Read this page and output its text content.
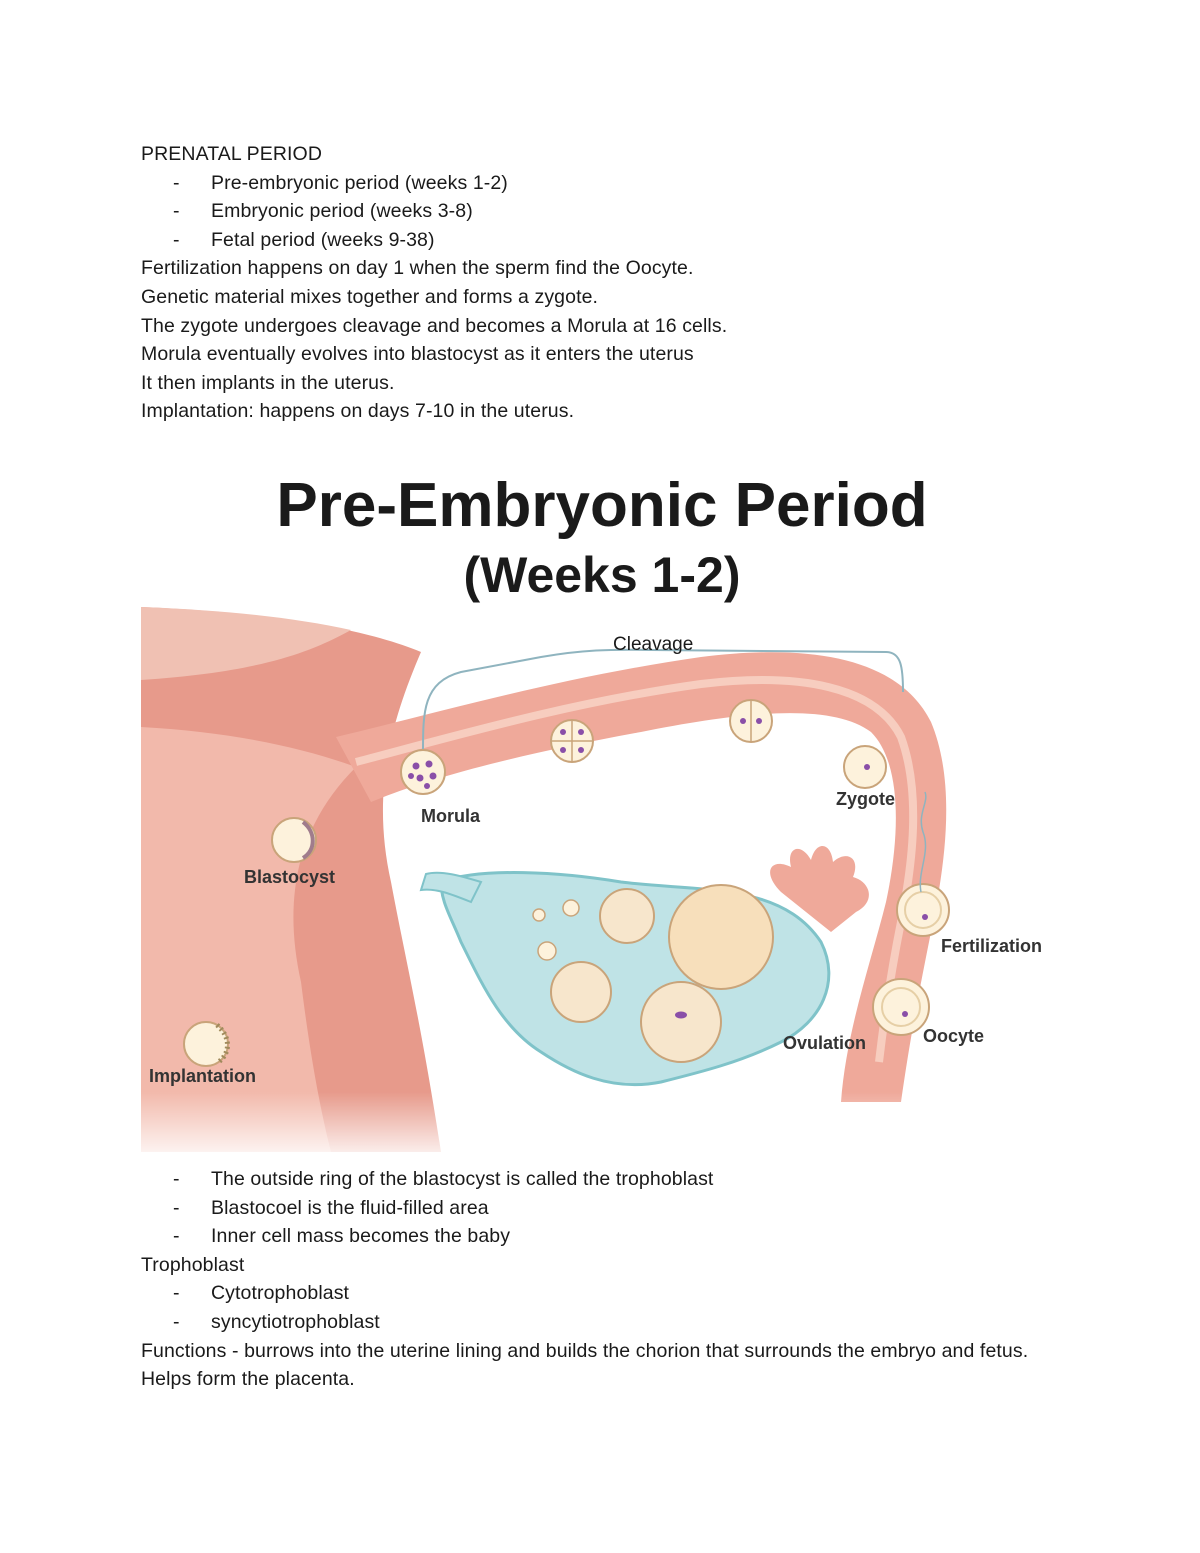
PRENATAL PERIOD
- Pre-embryonic period (weeks 1-2)
- Embryonic period (weeks 3-8)
- Fetal period (weeks 9-38)
Fertilization happens on day 1 when the sperm find the Oocyte.
Genetic material mixes together and forms a zygote.
The zygote undergoes cleavage and becomes a Morula at 16 cells.
Morula eventually evolves into blastocyst as it enters the uterus
It then implants in the uterus.
Implantation: happens on days 7-10 in the uterus.
Pre-Embryonic Period
(Weeks 1-2)
Cleavage
Morula
Zygote
Blastocyst
Fertilization
Oocyte
Ovulation
Implantation
- The outside ring of the blastocyst is called the trophoblast
- Blastocoel is the fluid-filled area
- Inner cell mass becomes the baby
Trophoblast
- Cytotrophoblast
- syncytiotrophoblast
Functions - burrows into the uterine lining and builds the chorion that surrounds the embryo and fetus. Helps form the placenta.
